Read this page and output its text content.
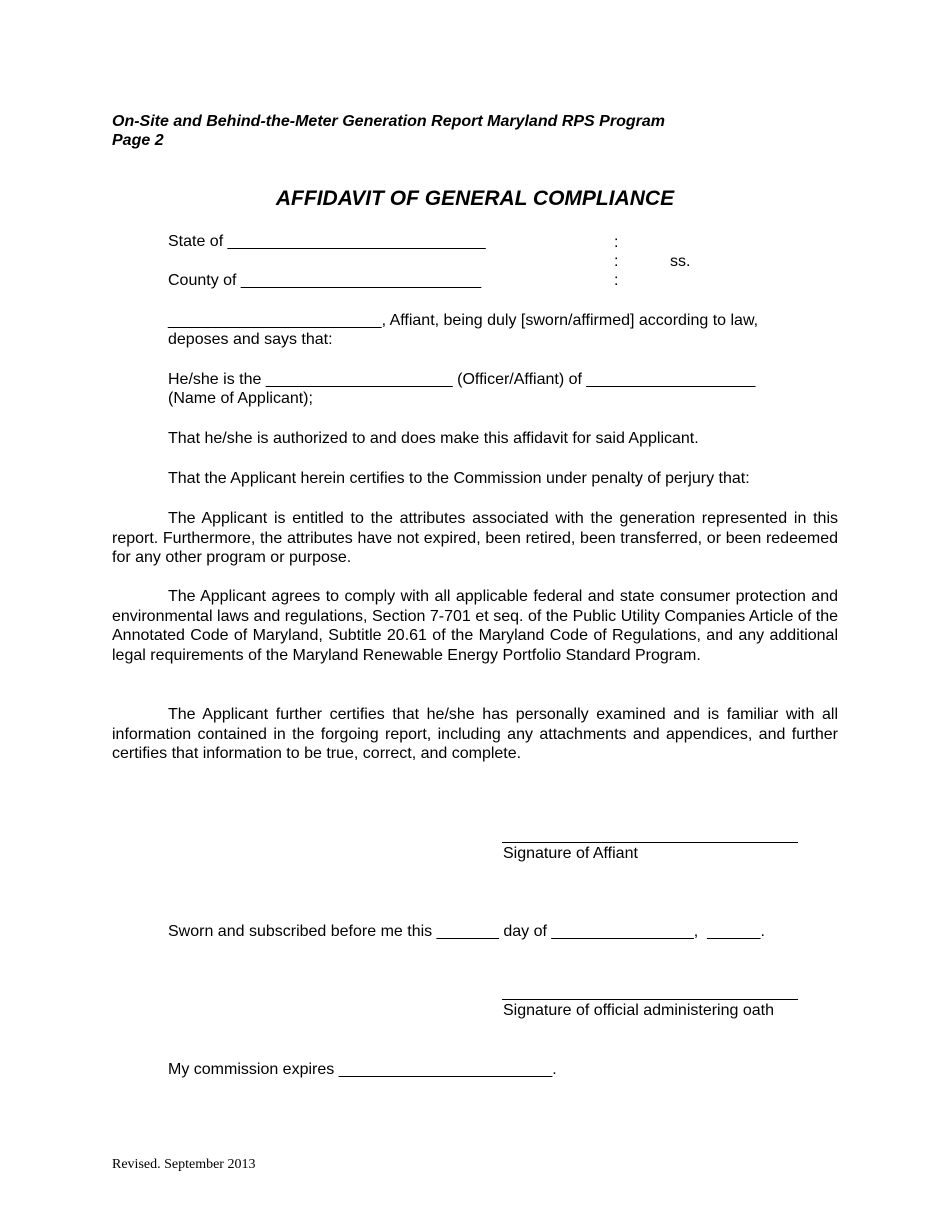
On-Site and Behind-the-Meter Generation Report Maryland RPS Program
Page 2
AFFIDAVIT OF GENERAL COMPLIANCE
State of _____________________________
County of ___________________________
:
:
:
ss.
________________________, Affiant, being duly [sworn/affirmed] according to law,
deposes and says that:
He/she is the _____________________ (Officer/Affiant) of ___________________
(Name of Applicant);
That he/she is authorized to and does make this affidavit for said Applicant.
That the Applicant herein certifies to the Commission under penalty of perjury that:
The Applicant is entitled to the attributes associated with the generation represented in this report. Furthermore, the attributes have not expired, been retired, been transferred, or been redeemed for any other program or purpose.
The Applicant agrees to comply with all applicable federal and state consumer protection and environmental laws and regulations, Section 7-701 et seq. of the Public Utility Companies Article of the Annotated Code of Maryland, Subtitle 20.61 of the Maryland Code of Regulations, and any additional legal requirements of the Maryland Renewable Energy Portfolio Standard Program.
The Applicant further certifies that he/she has personally examined and is familiar with all information contained in the forgoing report, including any attachments and appendices, and further certifies that information to be true, correct, and complete.
Signature of Affiant
Sworn and subscribed before me this _______ day of ________________,  ______.
Signature of official administering oath
My commission expires ________________________.
Revised. September 2013
